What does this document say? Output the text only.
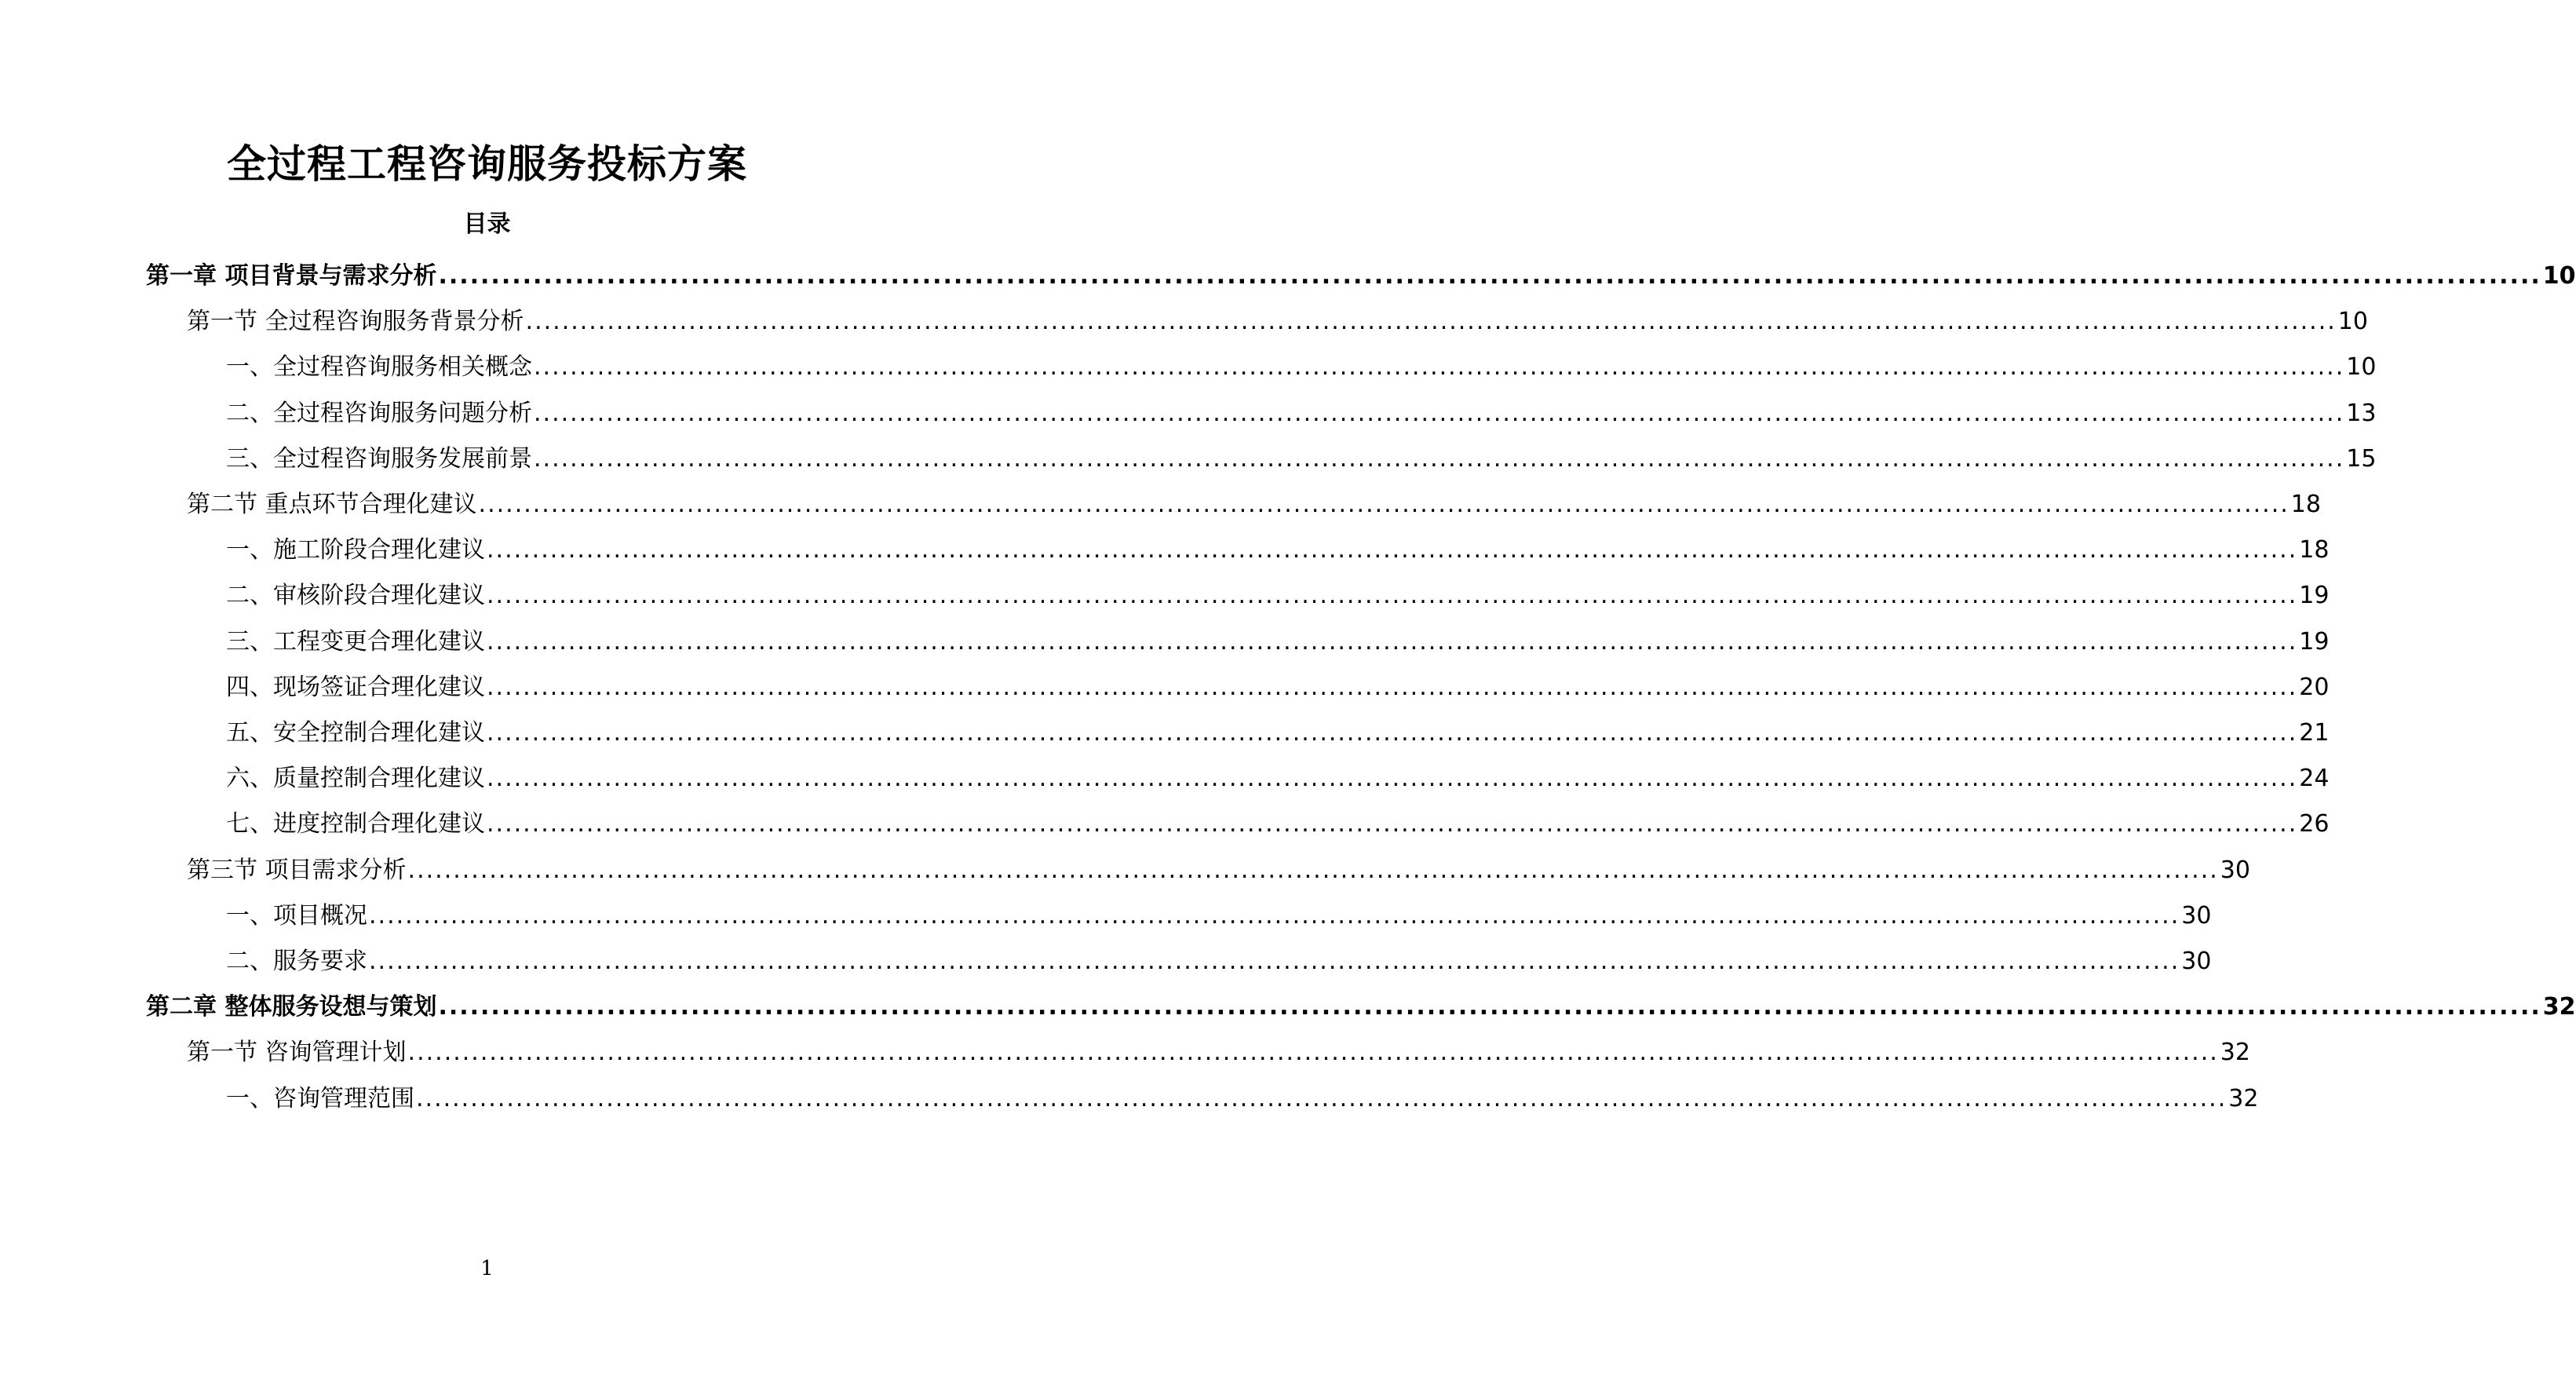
全过程工程咨询服务投标方案
目录
第一章 项目背景与需求分析 ........................................................................................................................................................................................................ 10
第一节 全过程咨询服务背景分析 ........................................................................................................................................................................................................ 10
一、全过程咨询服务相关概念 ........................................................................................................................................................................................................ 10
二、全过程咨询服务问题分析 ........................................................................................................................................................................................................ 13
三、全过程咨询服务发展前景 ........................................................................................................................................................................................................ 15
第二节 重点环节合理化建议 ........................................................................................................................................................................................................ 18
一、施工阶段合理化建议 ........................................................................................................................................................................................................ 18
二、审核阶段合理化建议 ........................................................................................................................................................................................................ 19
三、工程变更合理化建议 ........................................................................................................................................................................................................ 19
四、现场签证合理化建议 ........................................................................................................................................................................................................ 20
五、安全控制合理化建议 ........................................................................................................................................................................................................ 21
六、质量控制合理化建议 ........................................................................................................................................................................................................ 24
七、进度控制合理化建议 ........................................................................................................................................................................................................ 26
第三节 项目需求分析 ........................................................................................................................................................................................................ 30
一、项目概况 ........................................................................................................................................................................................................ 30
二、服务要求 ........................................................................................................................................................................................................ 30
第二章 整体服务设想与策划 ........................................................................................................................................................................................................ 32
第一节 咨询管理计划 ........................................................................................................................................................................................................ 32
一、咨询管理范围 ........................................................................................................................................................................................................ 32
1
